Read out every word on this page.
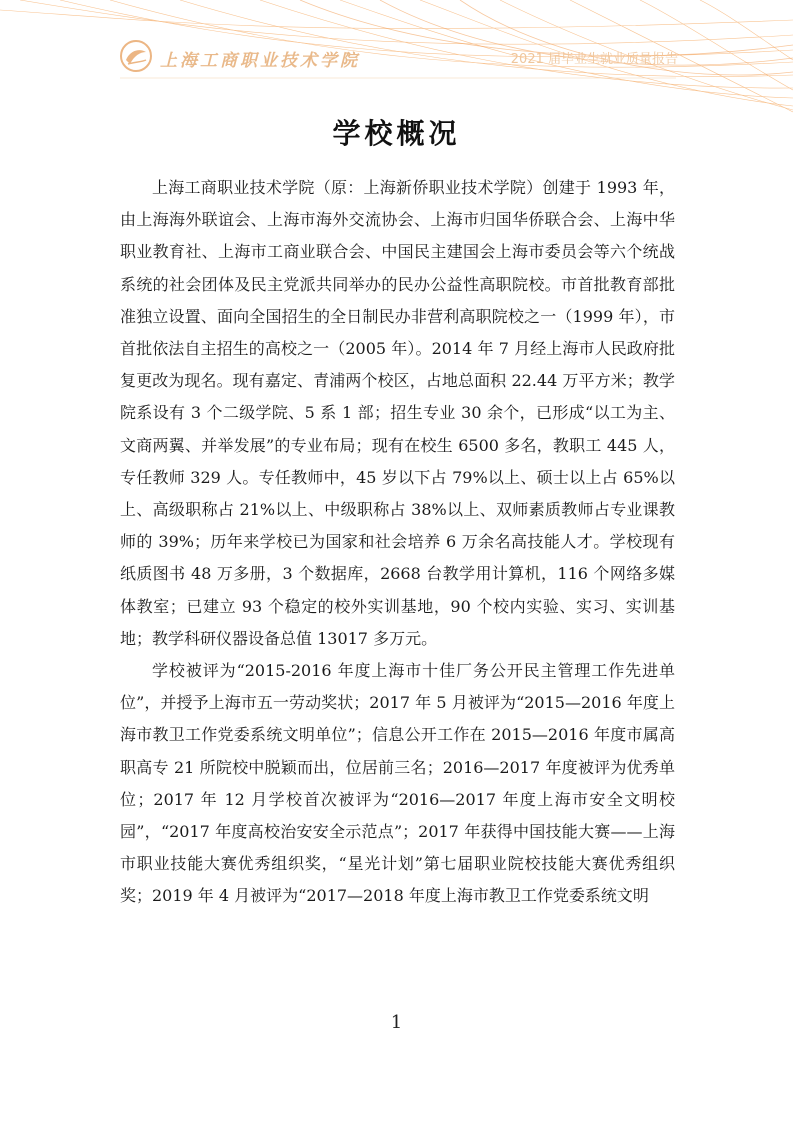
上海工商职业技术学院	2021 届毕业生就业质量报告
学校概况

上海工商职业技术学院（原：上海新侨职业技术学院）创建于 1993 年，由上海海外联谊会、上海市海外交流协会、上海市归国华侨联合会、上海中华职业教育社、上海市工商业联合会、中国民主建国会上海市委员会等六个统战系统的社会团体及民主党派共同举办的民办公益性高职院校。市首批教育部批准独立设置、面向全国招生的全日制民办非营利高职院校之一（1999 年），市首批依法自主招生的高校之一（2005 年）。2014 年 7 月经上海市人民政府批复更改为现名。现有嘉定、青浦两个校区，占地总面积 22.44 万平方米；教学院系设有 3 个二级学院、5 系 1 部；招生专业 30 余个，已形成“以工为主、文商两翼、并举发展”的专业布局；现有在校生 6500 多名，教职工 445 人，专任教师 329 人。专任教师中，45 岁以下占 79%以上、硕士以上占 65%以上、高级职称占 21%以上、中级职称占 38%以上、双师素质教师占专业课教师的 39%；历年来学校已为国家和社会培养 6 万余名高技能人才。学校现有纸质图书 48 万多册，3 个数据库，2668 台教学用计算机，116 个网络多媒体教室；已建立 93 个稳定的校外实训基地，90 个校内实验、实习、实训基地；教学科研仪器设备总值 13017 多万元。

学校被评为“2015-2016 年度上海市十佳厂务公开民主管理工作先进单位”，并授予上海市五一劳动奖状；2017 年 5 月被评为“2015—2016 年度上海市教卫工作党委系统文明单位”；信息公开工作在 2015—2016 年度市属高职高专 21 所院校中脱颖而出，位居前三名；2016—2017 年度被评为优秀单位；2017 年 12 月学校首次被评为“2016—2017 年度上海市安全文明校园”，“2017 年度高校治安安全示范点”；2017 年获得中国技能大赛——上海市职业技能大赛优秀组织奖，“星光计划”第七届职业院校技能大赛优秀组织奖；2019 年 4 月被评为“2017—2018 年度上海市教卫工作党委系统文明

1
